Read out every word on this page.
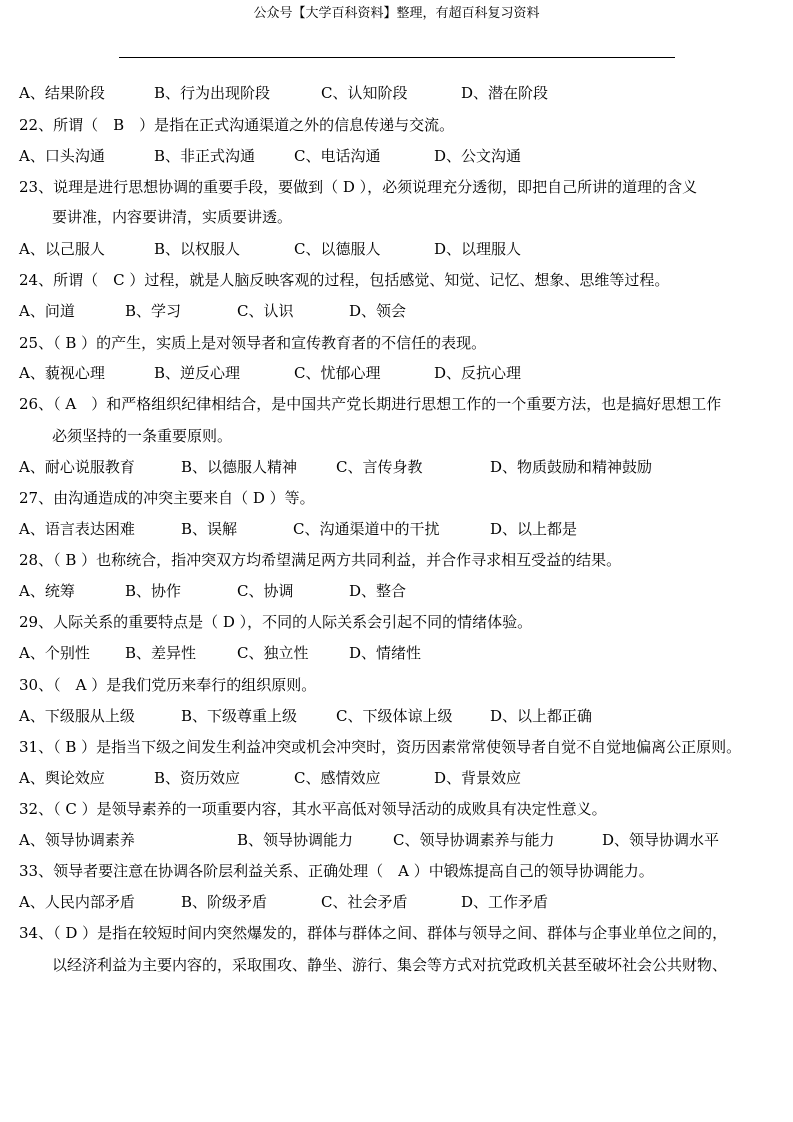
公众号【大学百科资料】整理，有超百科复习资料
A、结果阶段	B、行为出现阶段	C、认知阶段	D、潜在阶段
22、所谓（　B　）是指在正式沟通渠道之外的信息传递与交流。
A、口头沟通	B、非正式沟通	C、电话沟通	D、公文沟通
23、说理是进行思想协调的重要手段，要做到（ D ），必须说理充分透彻，即把自己所讲的道理的含义
要讲准，内容要讲清，实质要讲透。
A、以己服人	B、以权服人	C、以德服人	D、以理服人
24、所谓（　C ）过程，就是人脑反映客观的过程，包括感觉、知觉、记忆、想象、思维等过程。
A、问道	B、学习	C、认识	D、领会
25、（ B ）的产生，实质上是对领导者和宣传教育者的不信任的表现。
A、藐视心理	B、逆反心理	C、忧郁心理	D、反抗心理
26、（ A　）和严格组织纪律相结合，是中国共产党长期进行思想工作的一个重要方法，也是搞好思想工作
必须坚持的一条重要原则。
A、耐心说服教育	B、以德服人精神	C、言传身教	D、物质鼓励和精神鼓励
27、由沟通造成的冲突主要来自（ D ）等。
A、语言表达困难	B、误解	C、沟通渠道中的干扰	D、以上都是
28、（ B ）也称统合，指冲突双方均希望满足两方共同利益，并合作寻求相互受益的结果。
A、统筹	B、协作	C、协调	D、整合
29、人际关系的重要特点是（ D ），不同的人际关系会引起不同的情绪体验。
A、个别性 B、差异性	C、独立性	D、情绪性
30、（　A ）是我们党历来奉行的组织原则。
A、下级服从上级	B、下级尊重上级	C、下级体谅上级	D、以上都正确
31、（ B ）是指当下级之间发生利益冲突或机会冲突时，资历因素常常使领导者自觉不自觉地偏离公正原则。
A、舆论效应	B、资历效应	C、感情效应	D、背景效应
32、（ C ）是领导素养的一项重要内容，其水平高低对领导活动的成败具有决定性意义。
A、领导协调素养	B、领导协调能力	C、领导协调素养与能力	D、领导协调水平
33、领导者要注意在协调各阶层利益关系、正确处理（　A ）中锻炼提高自己的领导协调能力。
A、人民内部矛盾	B、阶级矛盾	C、社会矛盾	D、工作矛盾
34、（ D ）是指在较短时间内突然爆发的，群体与群体之间、群体与领导之间、群体与企事业单位之间的，
以经济利益为主要内容的，采取围攻、静坐、游行、集会等方式对抗党政机关甚至破坏社会公共财物、
